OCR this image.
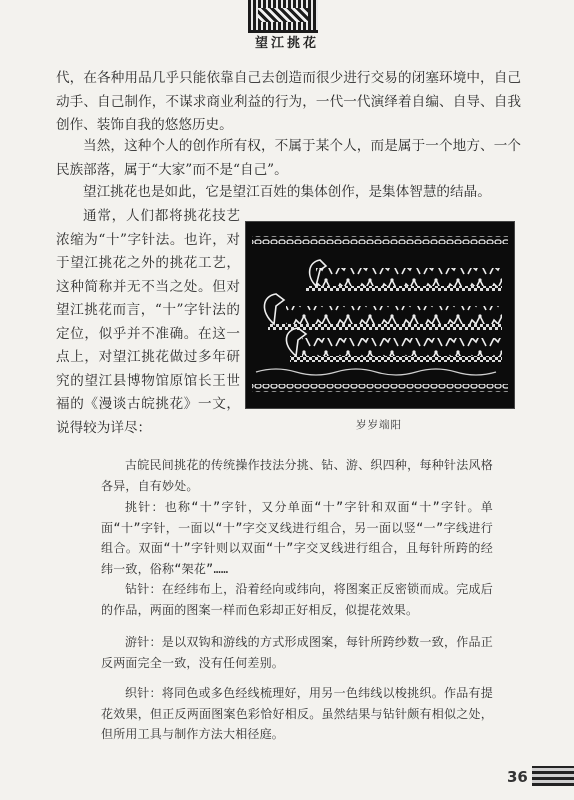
望江挑花

代，在各种用品几乎只能依靠自己去创造而很少进行交易的闭塞环境中，自己动手、自己制作，不谋求商业利益的行为，一代一代演绎着自编、自导、自我创作、装饰自我的悠悠历史。

当然，这种个人的创作所有权，不属于某个人，而是属于一个地方、一个民族部落，属于“大家”而不是“自己”。

望江挑花也是如此，它是望江百姓的集体创作，是集体智慧的结晶。

通常，人们都将挑花技艺浓缩为“十”字针法。也许，对于望江挑花之外的挑花工艺，这种简称并无不当之处。但对望江挑花而言，“十”字针法的定位，似乎并不准确。在这一点上，对望江挑花做过多年研究的望江县博物馆原馆长王世福的《漫谈古皖挑花》一文，说得较为详尽：	岁岁端阳

古皖民间挑花的传统操作技法分挑、钻、游、织四种，每种针法风格各异，自有妙处。

挑针：也称“十”字针，又分单面“十”字针和双面“十”字针。单面“十”字针，一面以“十”字交叉线进行组合，另一面以竖“一”字线进行组合。双面“十”字针则以双面“十”字交叉线进行组合，且每针所跨的经纬一致，俗称“架花”……

钻针：在经纬布上，沿着经向或纬向，将图案正反密锁而成。完成后的作品，两面的图案一样而色彩却正好相反，似提花效果。

游针：是以双钩和游线的方式形成图案，每针所跨纱数一致，作品正反两面完全一致，没有任何差别。

织针：将同色或多色经线梳理好，用另一色纬线以梭挑织。作品有提花效果，但正反两面图案色彩恰好相反。虽然结果与钻针颇有相似之处，但所用工具与制作方法大相径庭。

36
